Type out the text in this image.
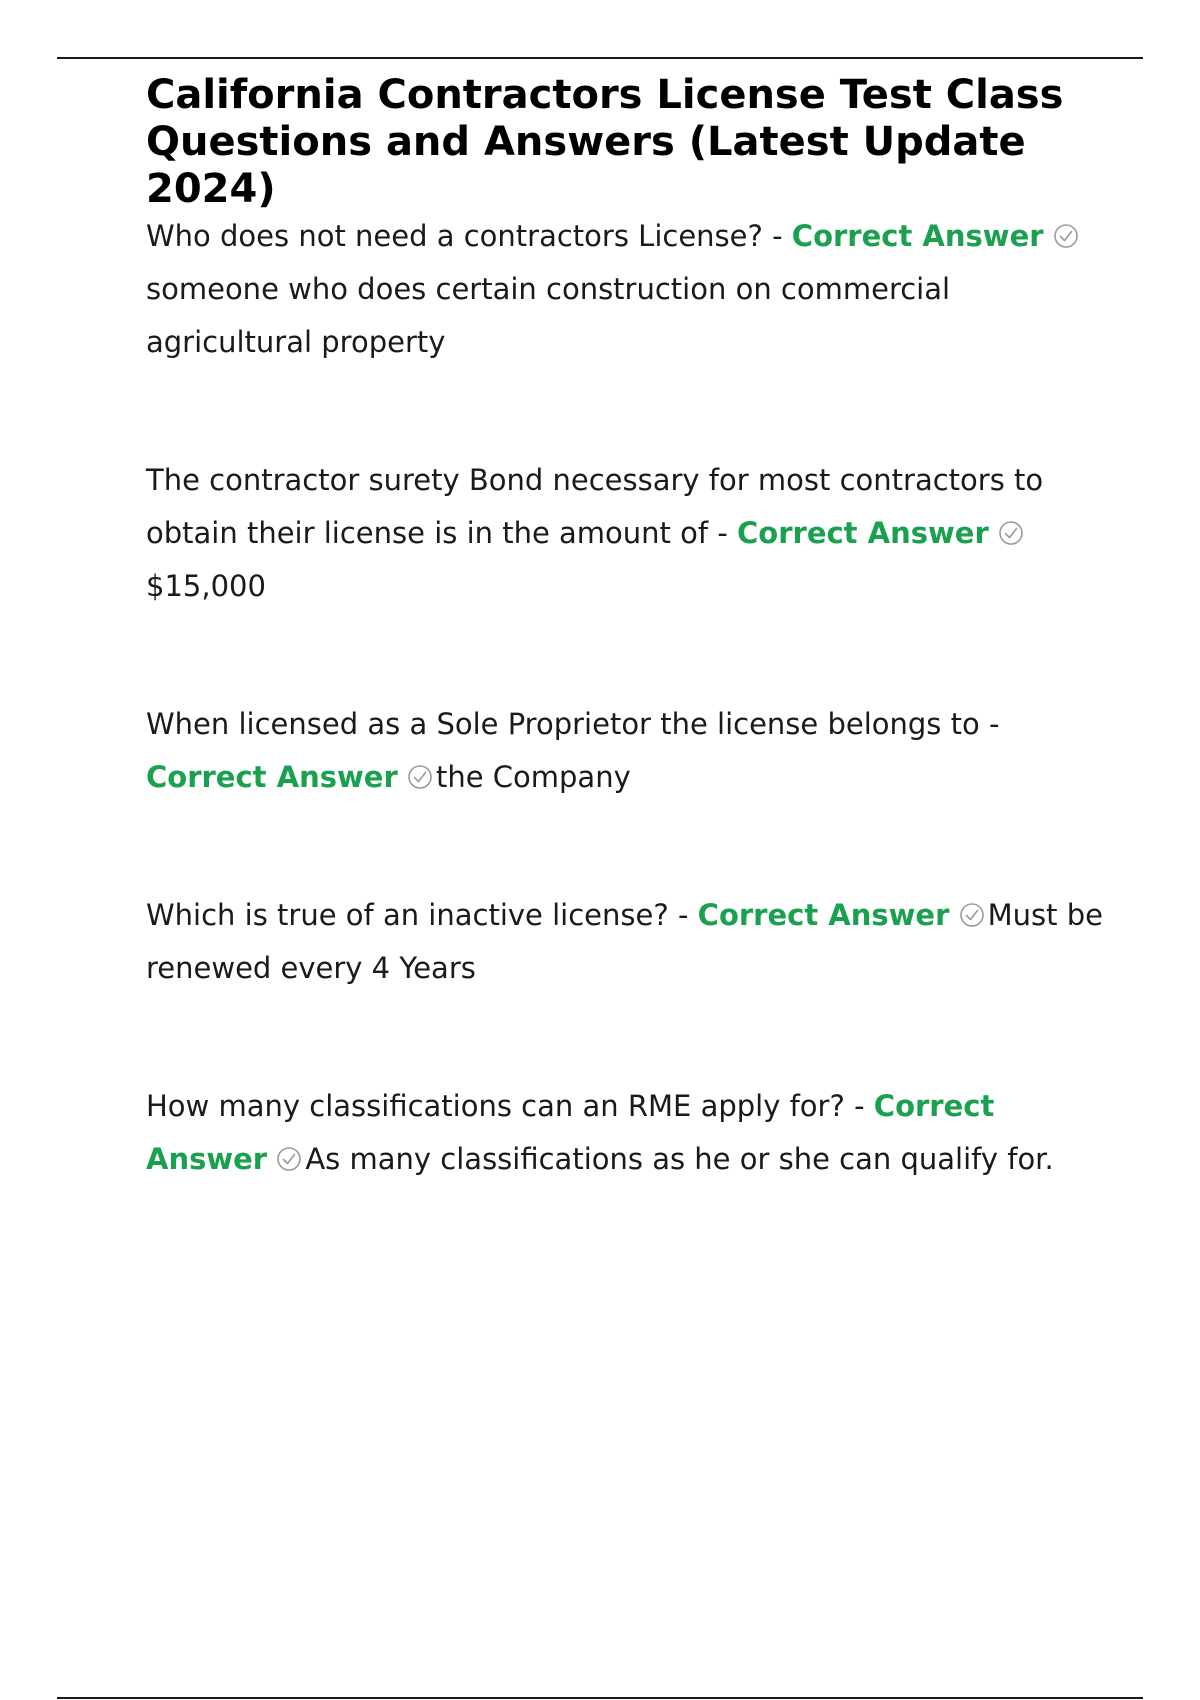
California Contractors License Test Class Questions and Answers (Latest Update 2024)

Who does not need a contractors License? - Correct Answer
someone who does certain construction on commercial agricultural property

The contractor surety Bond necessary for most contractors to obtain their license is in the amount of - Correct Answer
$15,000

When licensed as a Sole Proprietor the license belongs to - Correct Answer the Company

Which is true of an inactive license? - Correct Answer Must be renewed every 4 Years

How many classifications can an RME apply for? - Correct Answer As many classifications as he or she can qualify for.
